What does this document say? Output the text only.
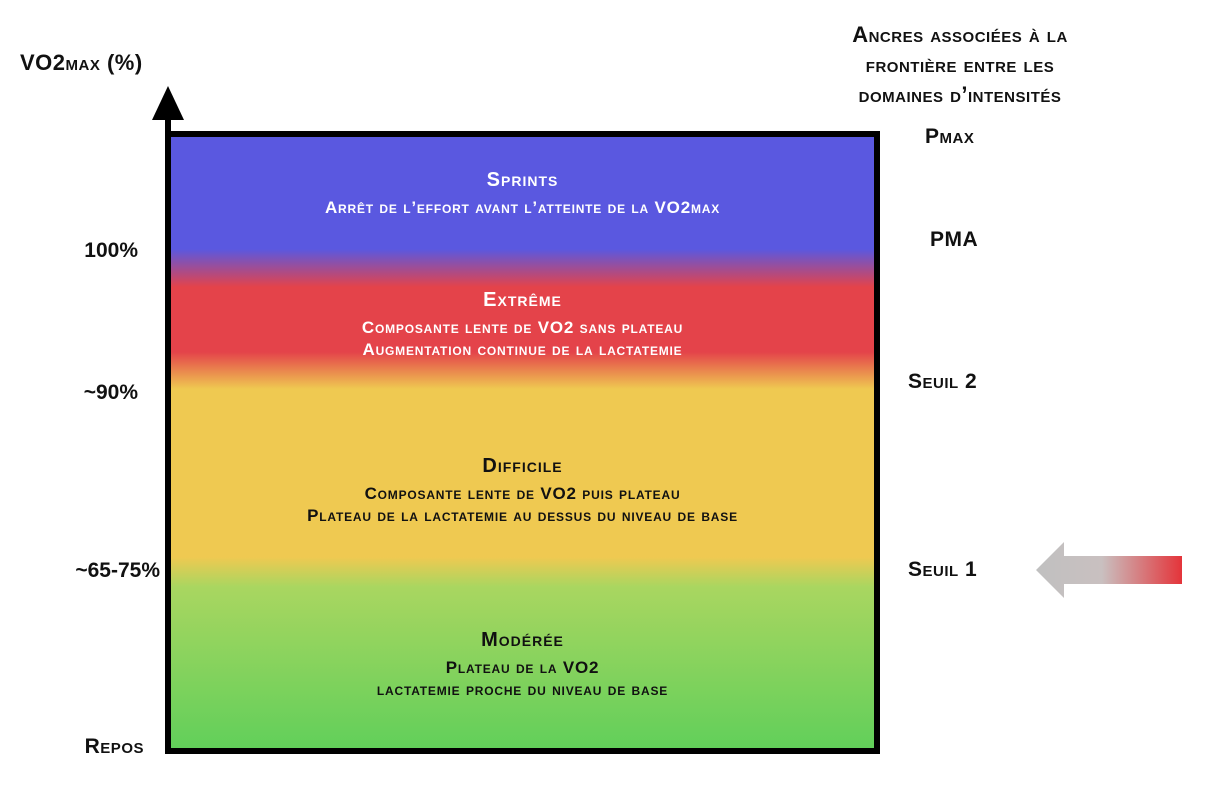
VO2max (%)
100%
~90%
~65-75%
Repos
Sprints
Arrêt de l’effort avant l’atteinte de la VO2max
Extrême
Composante lente de VO2 sans plateau
Augmentation continue de la lactatemie
Difficile
Composante lente de VO2 puis plateau
Plateau de la lactatemie au dessus du niveau de base
Modérée
Plateau de la VO2
lactatemie proche du niveau de base
Ancres associées à la
frontière entre les
domaines d’intensités
Pmax
PMA
Seuil 2
Seuil 1
